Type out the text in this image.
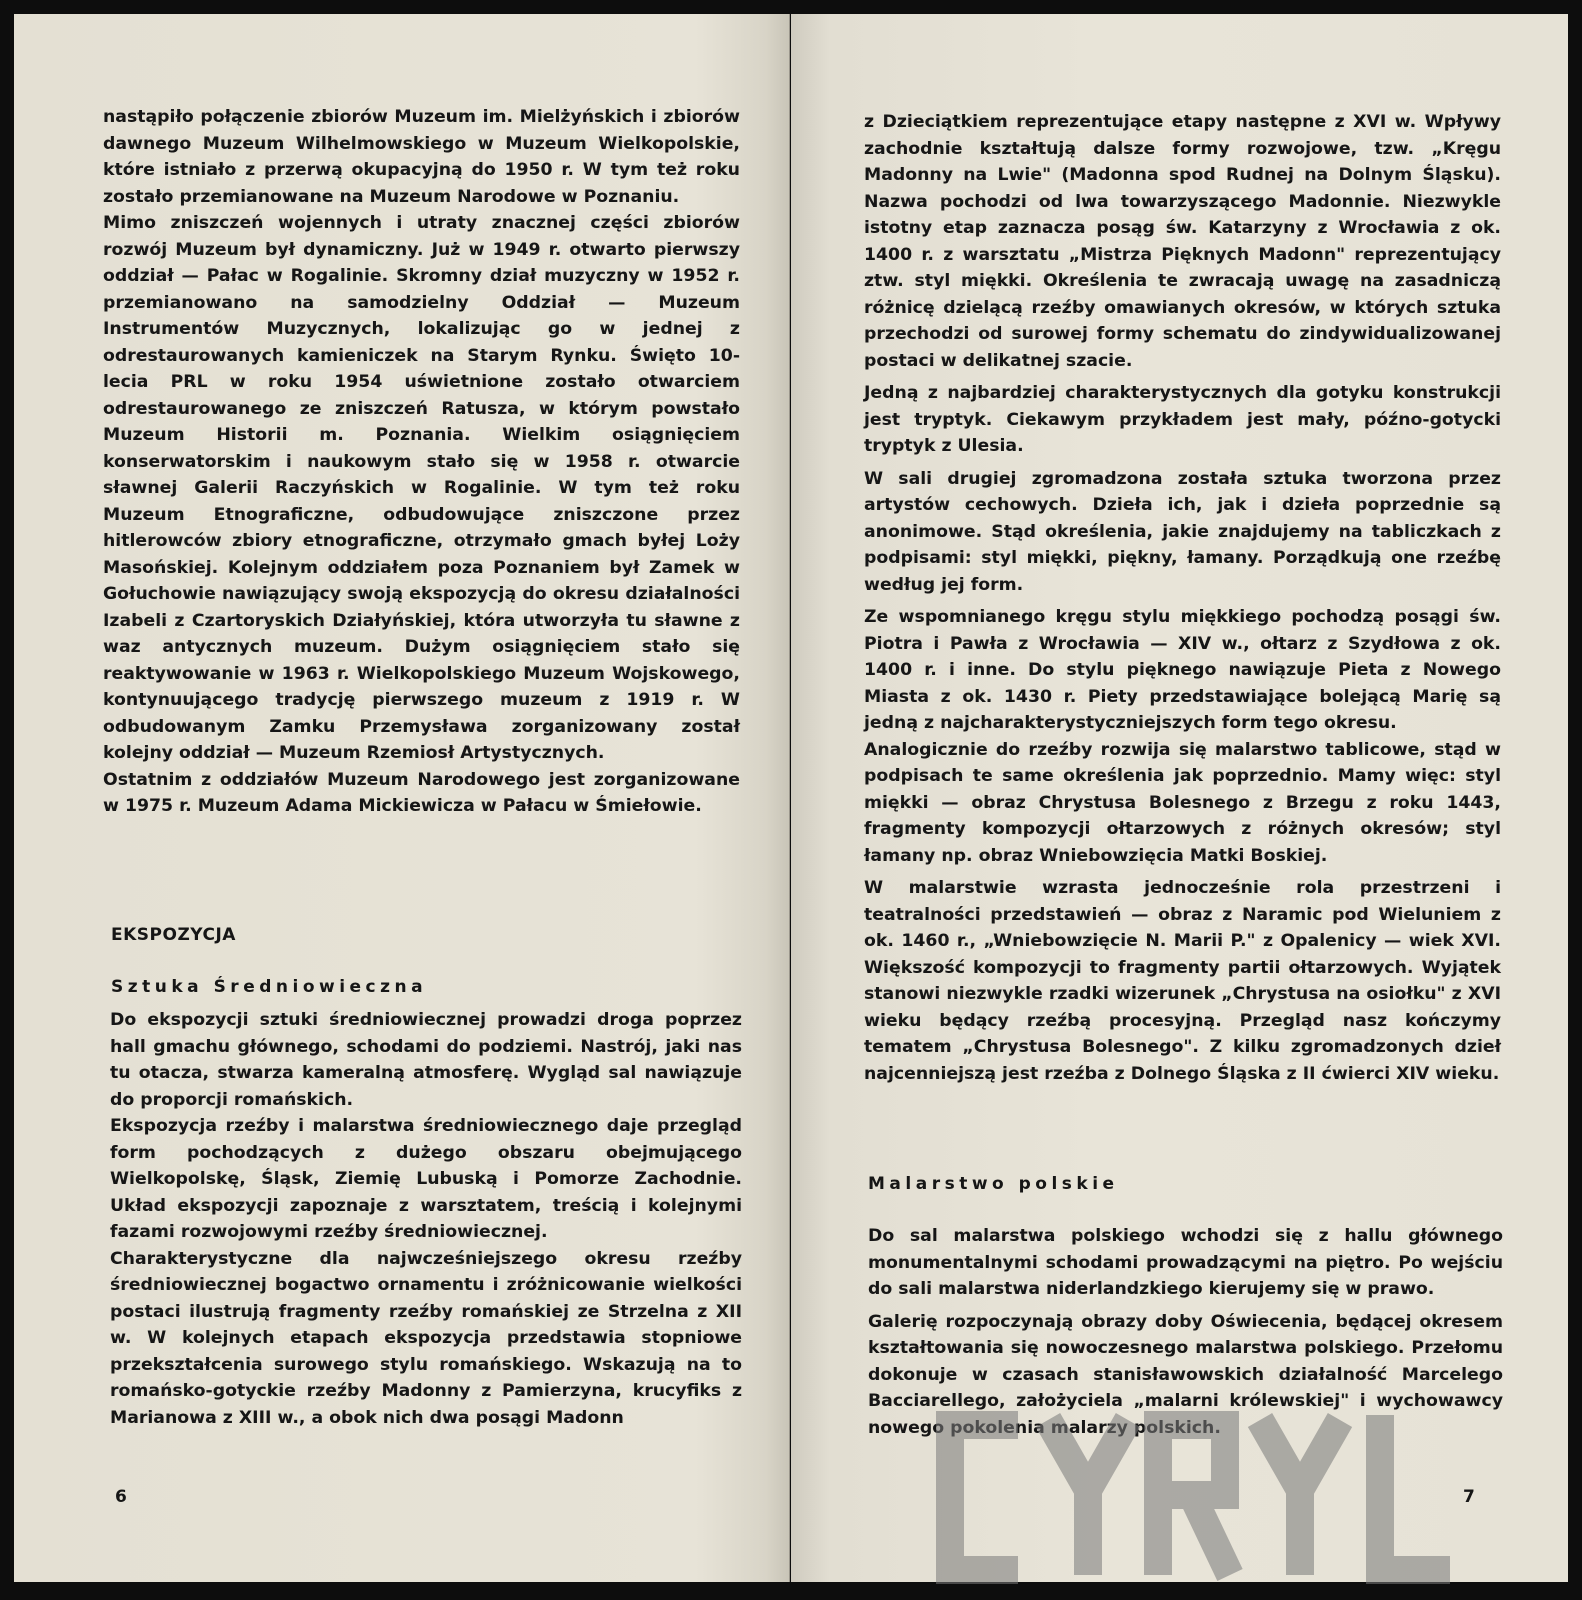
nastąpiło połączenie zbiorów Muzeum im. Mielżyńskich i zbiorów dawnego Muzeum Wilhelmowskiego w Muzeum Wielkopolskie, które istniało z przerwą okupacyjną do 1950 r. W tym też roku zostało przemianowane na Muzeum Narodowe w Poznaniu.

Mimo zniszczeń wojennych i utraty znacznej części zbiorów rozwój Muzeum był dynamiczny. Już w 1949 r. otwarto pierwszy oddział — Pałac w Rogalinie. Skromny dział muzyczny w 1952 r. przemianowano na samodzielny Oddział — Muzeum Instrumentów Muzycznych, lokalizując go w jednej z odrestaurowanych kamieniczek na Starym Rynku. Święto 10-lecia PRL w roku 1954 uświetnione zostało otwarciem odrestaurowanego ze zniszczeń Ratusza, w którym powstało Muzeum Historii m. Poznania. Wielkim osiągnięciem konserwatorskim i naukowym stało się w 1958 r. otwarcie sławnej Galerii Raczyńskich w Rogalinie. W tym też roku Muzeum Etnograficzne, odbudowujące zniszczone przez hitlerowców zbiory etnograficzne, otrzymało gmach byłej Loży Masońskiej. Kolejnym oddziałem poza Poznaniem był Zamek w Gołuchowie nawiązujący swoją ekspozycją do okresu działalności Izabeli z Czartoryskich Działyńskiej, która utworzyła tu sławne z waz antycznych muzeum. Dużym osiągnięciem stało się reaktywowanie w 1963 r. Wielkopolskiego Muzeum Wojskowego, kontynuującego tradycję pierwszego muzeum z 1919 r. W odbudowanym Zamku Przemysława zorganizowany został kolejny oddział — Muzeum Rzemiosł Artystycznych.

Ostatnim z oddziałów Muzeum Narodowego jest zorganizowane w 1975 r. Muzeum Adama Mickiewicza w Pałacu w Śmiełowie.

EKSPOZYCJA
Sztuka Średniowieczna

Do ekspozycji sztuki średniowiecznej prowadzi droga poprzez hall gmachu głównego, schodami do podziemi. Nastrój, jaki nas tu otacza, stwarza kameralną atmosferę. Wygląd sal nawiązuje do proporcji romańskich.

Ekspozycja rzeźby i malarstwa średniowiecznego daje przegląd form pochodzących z dużego obszaru obejmującego Wielkopolskę, Śląsk, Ziemię Lubuską i Pomorze Zachodnie. Układ ekspozycji zapoznaje z warsztatem, treścią i kolejnymi fazami rozwojowymi rzeźby średniowiecznej.

Charakterystyczne dla najwcześniejszego okresu rzeźby średniowiecznej bogactwo ornamentu i zróżnicowanie wielkości postaci ilustrują fragmenty rzeźby romańskiej ze Strzelna z XII w. W kolejnych etapach ekspozycja przedstawia stopniowe przekształcenia surowego stylu romańskiego. Wskazują na to romańsko-gotyckie rzeźby Madonny z Pamierzyna, krucyfiks z Marianowa z XIII w., a obok nich dwa posągi Madonn

6

z Dzieciątkiem reprezentujące etapy następne z XVI w. Wpływy zachodnie kształtują dalsze formy rozwojowe, tzw. „Kręgu Madonny na Lwie" (Madonna spod Rudnej na Dolnym Śląsku). Nazwa pochodzi od lwa towarzyszącego Madonnie. Niezwykle istotny etap zaznacza posąg św. Katarzyny z Wrocławia z ok. 1400 r. z warsztatu „Mistrza Pięknych Madonn" reprezentujący ztw. styl miękki. Określenia te zwracają uwagę na zasadniczą różnicę dzielącą rzeźby omawianych okresów, w których sztuka przechodzi od surowej formy schematu do zindywidualizowanej postaci w delikatnej szacie.

Jedną z najbardziej charakterystycznych dla gotyku konstrukcji jest tryptyk. Ciekawym przykładem jest mały, późno-gotycki tryptyk z Ulesia.

W sali drugiej zgromadzona została sztuka tworzona przez artystów cechowych. Dzieła ich, jak i dzieła poprzednie są anonimowe. Stąd określenia, jakie znajdujemy na tabliczkach z podpisami: styl miękki, piękny, łamany. Porządkują one rzeźbę według jej form.

Ze wspomnianego kręgu stylu miękkiego pochodzą posągi św. Piotra i Pawła z Wrocławia — XIV w., ołtarz z Szydłowa z ok. 1400 r. i inne. Do stylu pięknego nawiązuje Pieta z Nowego Miasta z ok. 1430 r. Piety przedstawiające bolejącą Marię są jedną z najcharakterystyczniejszych form tego okresu.

Analogicznie do rzeźby rozwija się malarstwo tablicowe, stąd w podpisach te same określenia jak poprzednio. Mamy więc: styl miękki — obraz Chrystusa Bolesnego z Brzegu z roku 1443, fragmenty kompozycji ołtarzowych z różnych okresów; styl łamany np. obraz Wniebowzięcia Matki Boskiej.

W malarstwie wzrasta jednocześnie rola przestrzeni i teatralności przedstawień — obraz z Naramic pod Wieluniem z ok. 1460 r., „Wniebowzięcie N. Marii P." z Opalenicy — wiek XVI. Większość kompozycji to fragmenty partii ołtarzowych. Wyjątek stanowi niezwykle rzadki wizerunek „Chrystusa na osiołku" z XVI wieku będący rzeźbą procesyjną. Przegląd nasz kończymy tematem „Chrystusa Bolesnego". Z kilku zgromadzonych dzieł najcenniejszą jest rzeźba z Dolnego Śląska z II ćwierci XIV wieku.

Malarstwo polskie

Do sal malarstwa polskiego wchodzi się z hallu głównego monumentalnymi schodami prowadzącymi na piętro. Po wejściu do sali malarstwa niderlandzkiego kierujemy się w prawo.

Galerię rozpoczynają obrazy doby Oświecenia, będącej okresem kształtowania się nowoczesnego malarstwa polskiego. Przełomu dokonuje w czasach stanisławowskich działalność Marcelego Bacciarellego, założyciela „malarni królewskiej" i wychowawcy nowego pokolenia malarzy polskich.

7
